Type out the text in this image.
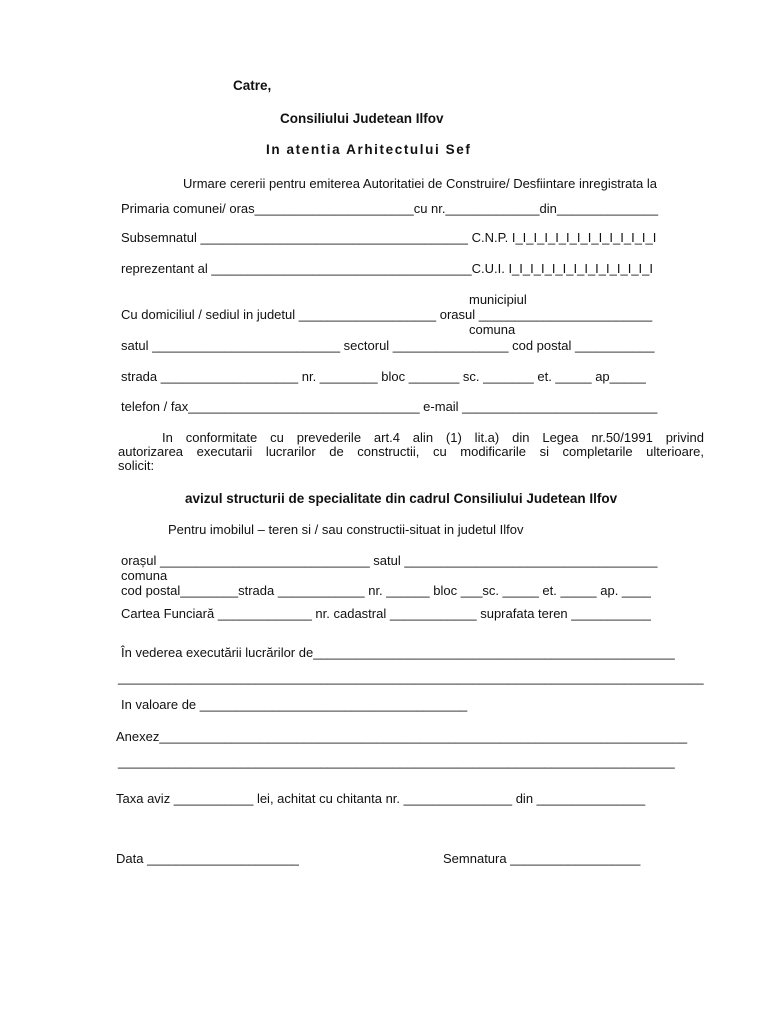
Catre,
Consiliului Judetean Ilfov
In atentia Arhitectului Sef
Urmare cererii pentru emiterea Autoritatiei de Construire/ Desfiintare inregistrata la
Primaria comunei/ oras______________________cu nr._____________din______________
Subsemnatul _____________________________________ C.N.P. I_I_I_I_I_I_I_I_I_I_I_I_I_I
reprezentant al ____________________________________C.U.I. I_I_I_I_I_I_I_I_I_I_I_I_I_I
municipiul
Cu domiciliul / sediul in judetul ___________________ orasul ________________________
comuna
satul __________________________ sectorul ________________ cod postal ___________
strada ___________________ nr. ________ bloc _______ sc. _______ et. _____ ap_____
telefon / fax________________________________ e-mail ___________________________
In conformitate cu prevederile art.4 alin (1) lit.a) din Legea nr.50/1991 privind
autorizarea executarii lucrarilor de constructii, cu modificarile si completarile ulterioare,
solicit:
avizul structurii de specialitate din cadrul Consiliului Judetean Ilfov
Pentru imobilul – teren si / sau constructii-situat in judetul Ilfov
orașul _____________________________ satul ___________________________________
comuna
cod postal________strada ____________ nr. ______ bloc ___sc. _____ et. _____ ap. ____
Cartea Funciară _____________ nr. cadastral ____________ suprafata teren ___________
În vederea executării lucrărilor de__________________________________________________
_________________________________________________________________________________
In valoare de _____________________________________
Anexez_________________________________________________________________________
_____________________________________________________________________________
Taxa aviz ___________ lei, achitat cu chitanta nr. _______________ din _______________
Data _____________________	Semnatura __________________
